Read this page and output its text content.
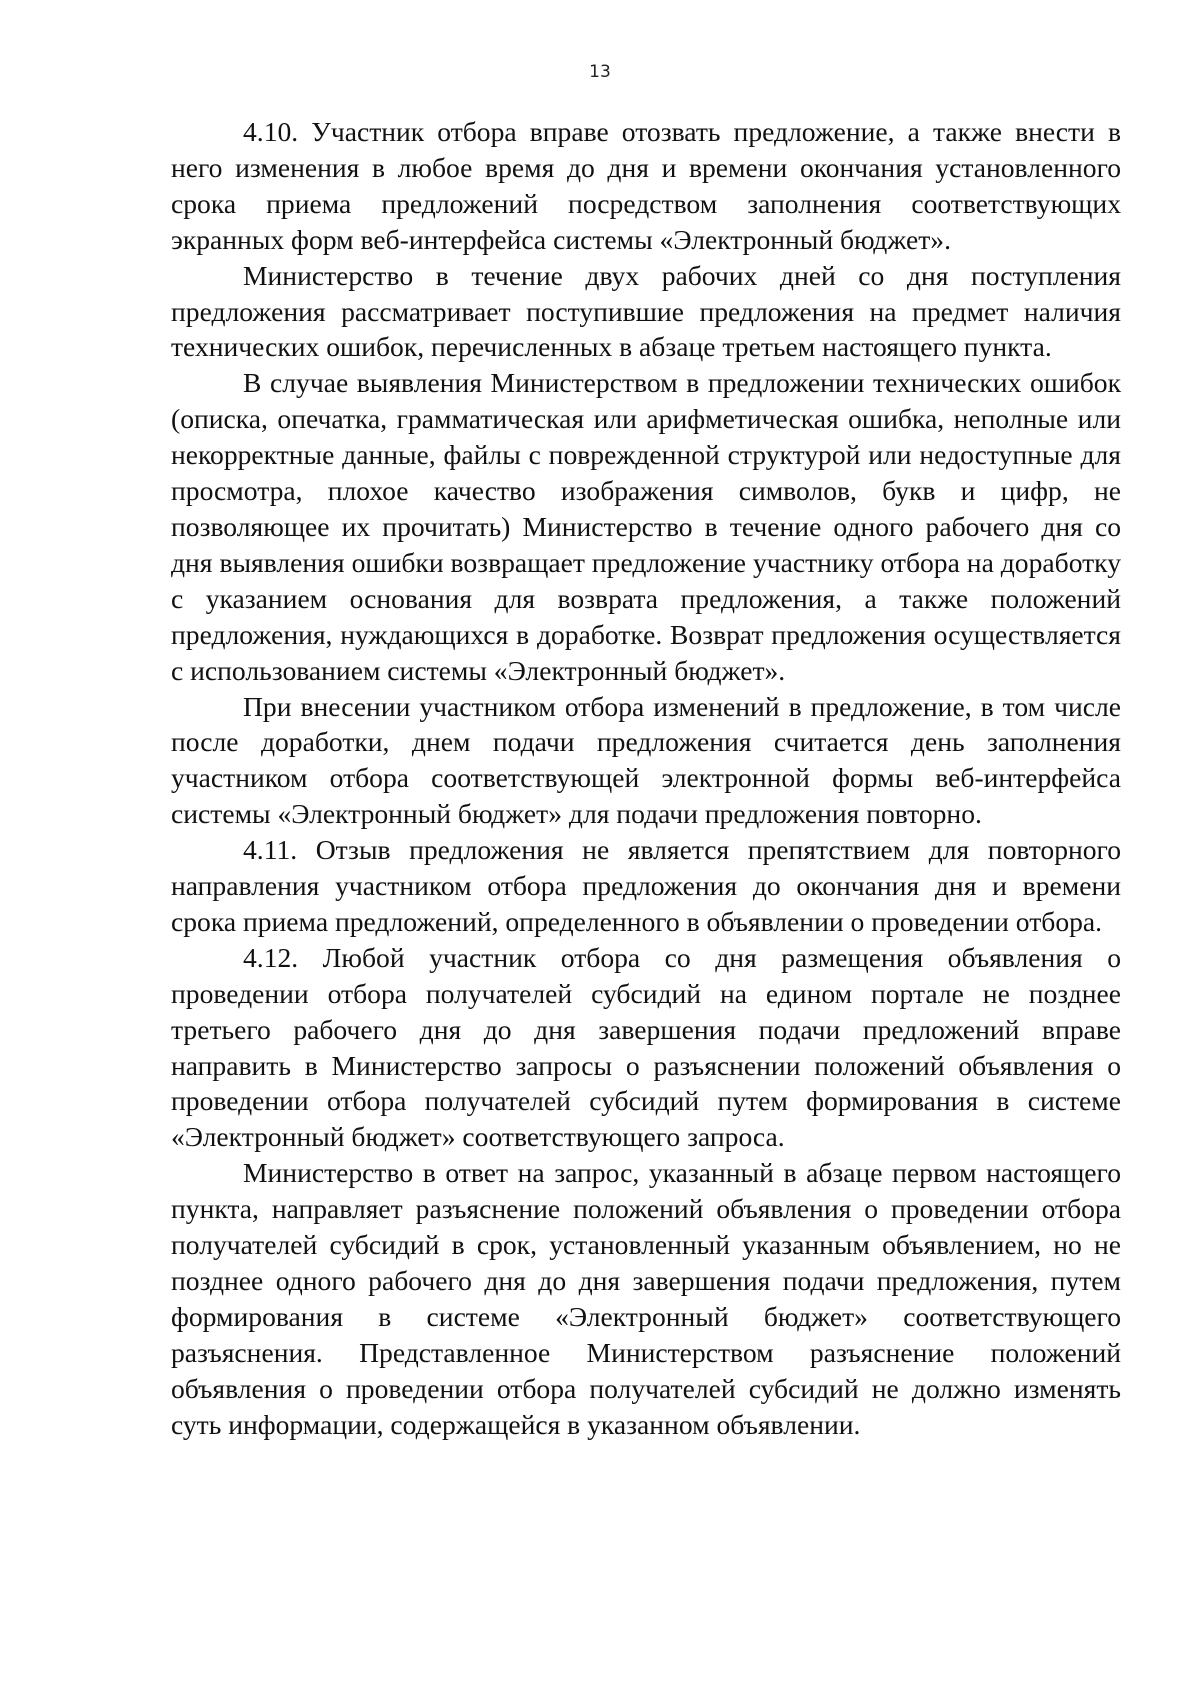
13

4.10. Участник отбора вправе отозвать предложение, а также внести в него изменения в любое время до дня и времени окончания установленного срока приема предложений посредством заполнения соответствующих экранных форм веб-интерфейса системы «Электронный бюджет».

Министерство в течение двух рабочих дней со дня поступления предложения рассматривает поступившие предложения на предмет наличия технических ошибок, перечисленных в абзаце третьем настоящего пункта.

В случае выявления Министерством в предложении технических ошибок (описка, опечатка, грамматическая или арифметическая ошибка, неполные или некорректные данные, файлы с поврежденной структурой или недоступные для просмотра, плохое качество изображения символов, букв и цифр, не позволяющее их прочитать) Министерство в течение одного рабочего дня со дня выявления ошибки возвращает предложение участнику отбора на доработку с указанием основания для возврата предложения, а также положений предложения, нуждающихся в доработке. Возврат предложения осуществляется с использованием системы «Электронный бюджет».

При внесении участником отбора изменений в предложение, в том числе после доработки, днем подачи предложения считается день заполнения участником отбора соответствующей электронной формы веб-интерфейса системы «Электронный бюджет» для подачи предложения повторно.

4.11. Отзыв предложения не является препятствием для повторного направления участником отбора предложения до окончания дня и времени срока приема предложений, определенного в объявлении о проведении отбора.

4.12. Любой участник отбора со дня размещения объявления о проведении отбора получателей субсидий на едином портале не позднее третьего рабочего дня до дня завершения подачи предложений вправе направить в Министерство запросы о разъяснении положений объявления о проведении отбора получателей субсидий путем формирования в системе «Электронный бюджет» соответствующего запроса.

Министерство в ответ на запрос, указанный в абзаце первом настоящего пункта, направляет разъяснение положений объявления о проведении отбора получателей субсидий в срок, установленный указанным объявлением, но не позднее одного рабочего дня до дня завершения подачи предложения, путем формирования в системе «Электронный бюджет» соответствующего разъяснения. Представленное Министерством разъяснение положений объявления о проведении отбора получателей субсидий не должно изменять суть информации, содержащейся в указанном объявлении.
